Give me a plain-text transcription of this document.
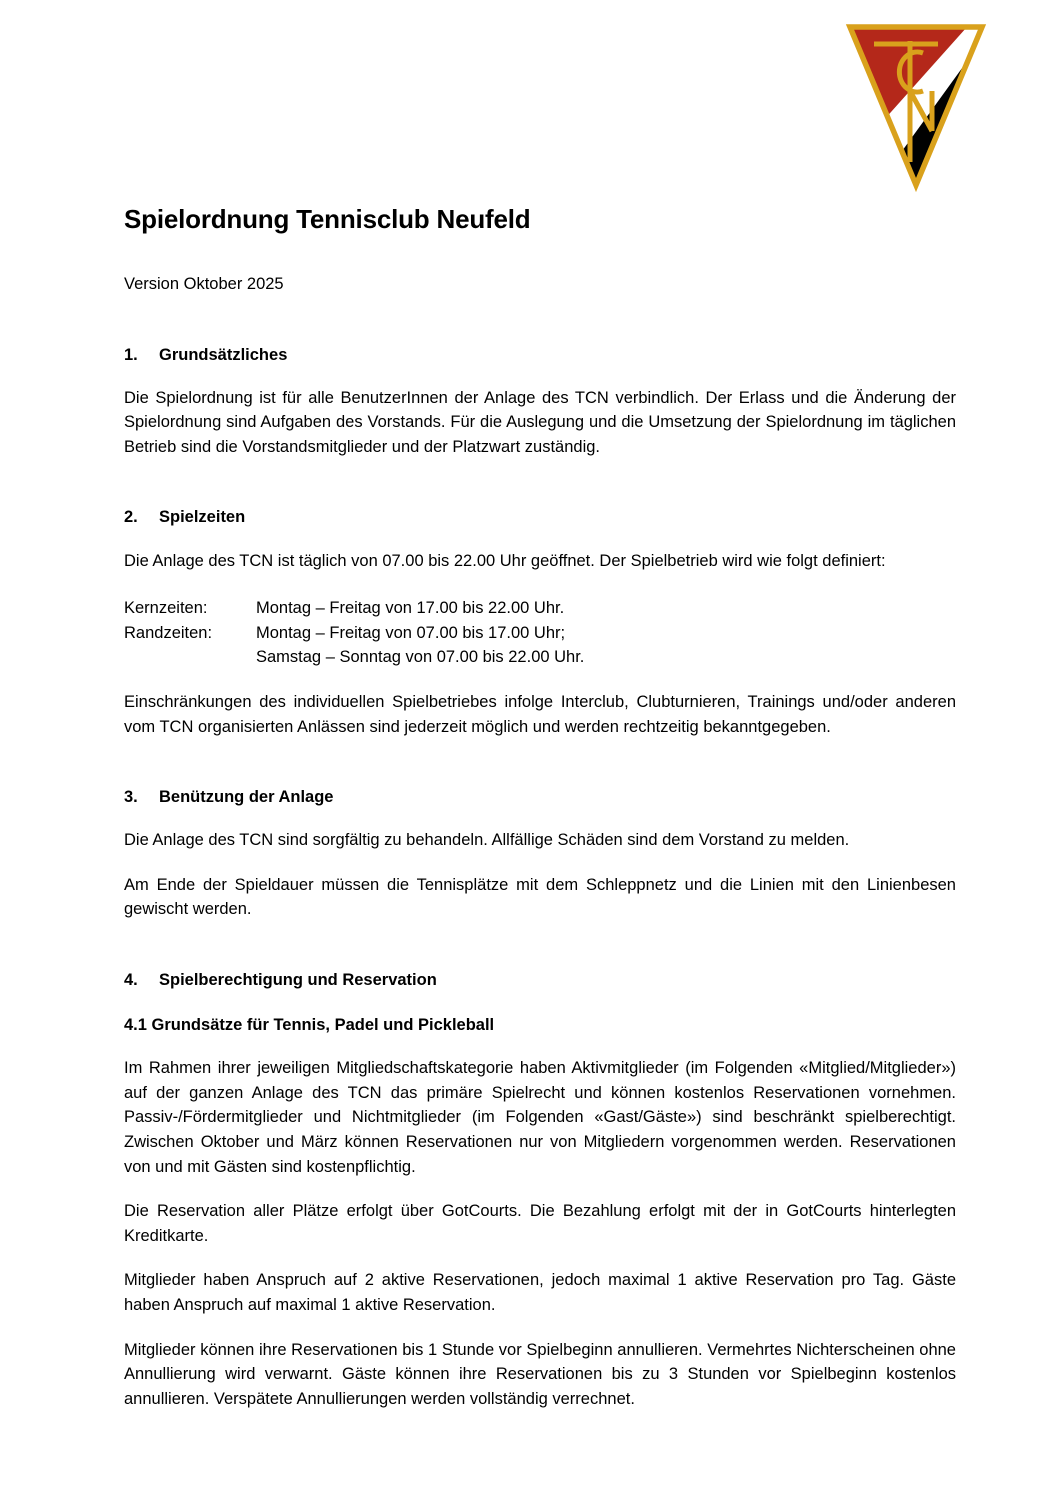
Spielordnung Tennisclub Neufeld
Version Oktober 2025
1.	Grundsätzliches

Die Spielordnung ist für alle BenutzerInnen der Anlage des TCN verbindlich. Der Erlass und die Änderung der Spielordnung sind Aufgaben des Vorstands. Für die Auslegung und die Umsetzung der Spielordnung im täglichen Betrieb sind die Vorstandsmitglieder und der Platzwart zuständig.

2.	Spielzeiten

Die Anlage des TCN ist täglich von 07.00 bis 22.00 Uhr geöffnet. Der Spielbetrieb wird wie folgt definiert:

Kernzeiten:	Montag – Freitag von 17.00 bis 22.00 Uhr.
Randzeiten:	Montag – Freitag von 07.00 bis 17.00 Uhr;
Samstag – Sonntag von 07.00 bis 22.00 Uhr.

Einschränkungen des individuellen Spielbetriebes infolge Interclub, Clubturnieren, Trainings und/oder anderen vom TCN organisierten Anlässen sind jederzeit möglich und werden rechtzeitig bekanntgegeben.

3.	Benützung der Anlage

Die Anlage des TCN sind sorgfältig zu behandeln. Allfällige Schäden sind dem Vorstand zu melden.

Am Ende der Spieldauer müssen die Tennisplätze mit dem Schleppnetz und die Linien mit den Linienbesen gewischt werden.

4.	Spielberechtigung und Reservation
4.1 Grundsätze für Tennis, Padel und Pickleball

Im Rahmen ihrer jeweiligen Mitgliedschaftskategorie haben Aktivmitglieder (im Folgenden «Mitglied/Mitglieder») auf der ganzen Anlage des TCN das primäre Spielrecht und können kostenlos Reservationen vornehmen. Passiv-/Fördermitglieder und Nichtmitglieder (im Folgenden «Gast/Gäste») sind beschränkt spielberechtigt. Zwischen Oktober und März können Reservationen nur von Mitgliedern vorgenommen werden. Reservationen von und mit Gästen sind kostenpflichtig.

Die Reservation aller Plätze erfolgt über GotCourts. Die Bezahlung erfolgt mit der in GotCourts hinterlegten Kreditkarte.

Mitglieder haben Anspruch auf 2 aktive Reservationen, jedoch maximal 1 aktive Reservation pro Tag. Gäste haben Anspruch auf maximal 1 aktive Reservation.

Mitglieder können ihre Reservationen bis 1 Stunde vor Spielbeginn annullieren. Vermehrtes Nichterscheinen ohne Annullierung wird verwarnt. Gäste können ihre Reservationen bis zu 3 Stunden vor Spielbeginn kostenlos annullieren. Verspätete Annullierungen werden vollständig verrechnet.
